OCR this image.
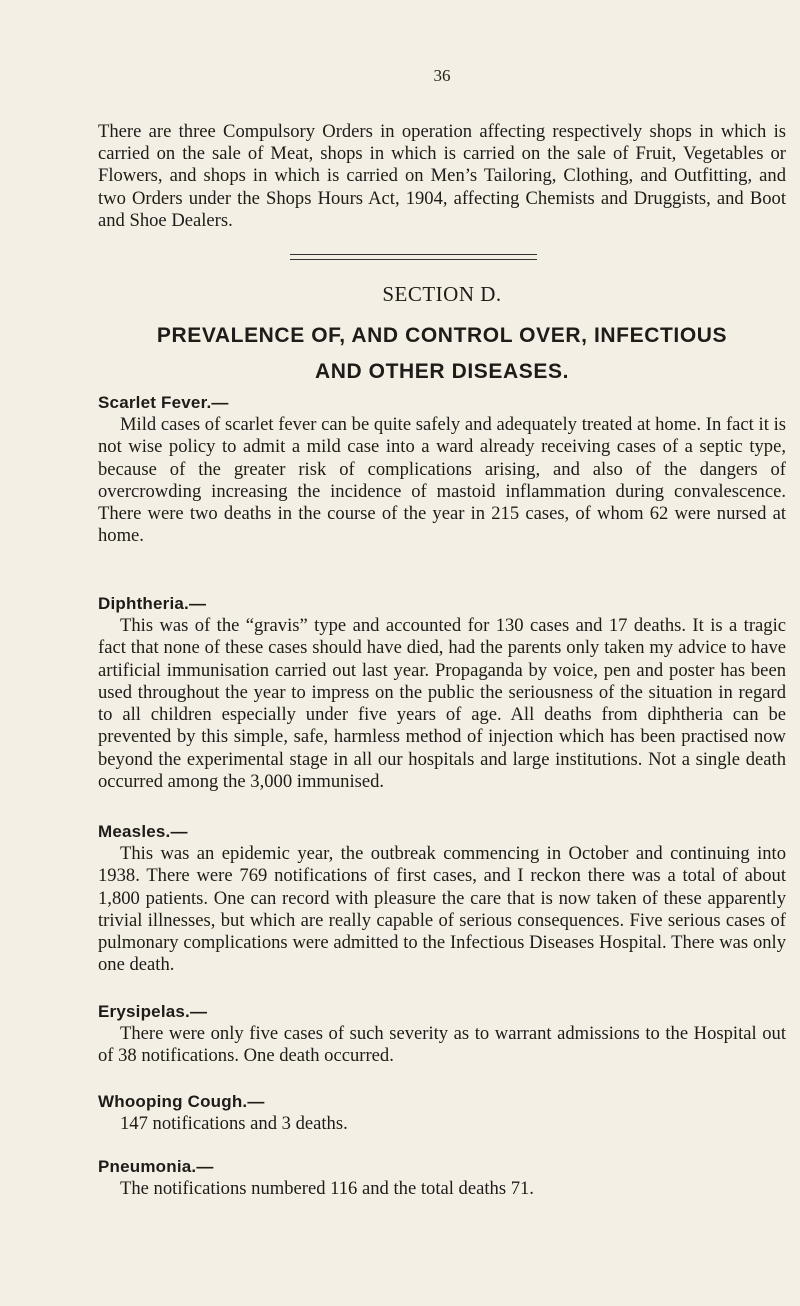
36

There are three Compulsory Orders in operation affecting respectively shops in which is carried on the sale of Meat, shops in which is carried on the sale of Fruit, Vegetables or Flowers, and shops in which is carried on Men’s Tailoring, Clothing, and Outfitting, and two Orders under the Shops Hours Act, 1904, affecting Chemists and Druggists, and Boot and Shoe Dealers.

SECTION D.
PREVALENCE OF, AND CONTROL OVER, INFECTIOUS
AND OTHER DISEASES.
Scarlet Fever.—

Mild cases of scarlet fever can be quite safely and adequately treated at home. In fact it is not wise policy to admit a mild case into a ward already receiving cases of a septic type, because of the greater risk of complications arising, and also of the dangers of overcrowding increasing the incidence of mastoid inflammation during convalescence. There were two deaths in the course of the year in 215 cases, of whom 62 were nursed at home.

Diphtheria.—

This was of the “gravis” type and accounted for 130 cases and 17 deaths. It is a tragic fact that none of these cases should have died, had the parents only taken my advice to have artificial immunisation carried out last year. Propaganda by voice, pen and poster has been used throughout the year to impress on the public the seriousness of the situation in regard to all children especially under five years of age. All deaths from diphtheria can be prevented by this simple, safe, harmless method of injection which has been practised now beyond the experimental stage in all our hospitals and large institutions. Not a single death occurred among the 3,000 immunised.

Measles.—

This was an epidemic year, the outbreak commencing in October and continuing into 1938. There were 769 notifications of first cases, and I reckon there was a total of about 1,800 patients. One can record with pleasure the care that is now taken of these apparently trivial illnesses, but which are really capable of serious consequences. Five serious cases of pulmonary complications were admitted to the Infectious Diseases Hospital. There was only one death.

Erysipelas.—

There were only five cases of such severity as to warrant admissions to the Hospital out of 38 notifications. One death occurred.

Whooping Cough.—

147 notifications and 3 deaths.

Pneumonia.—

The notifications numbered 116 and the total deaths 71.
